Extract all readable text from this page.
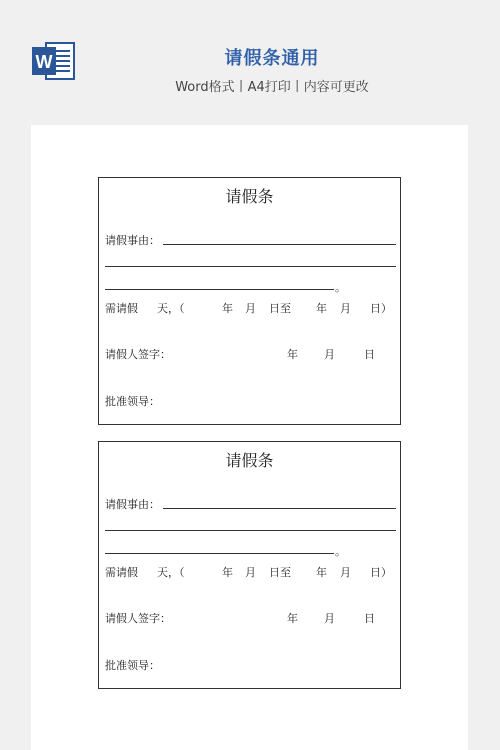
W	请假条通用
Word格式丨A4打印丨内容可更改
请假条
请假事由：
。
需请假 天，（	年 月 日至 年 月 日）
请假人签字：	年 月	日
批准领导：
请假条
请假事由：
。
需请假 天，（	年 月 日至 年 月 日）
请假人签字：	年 月	日
批准领导：
